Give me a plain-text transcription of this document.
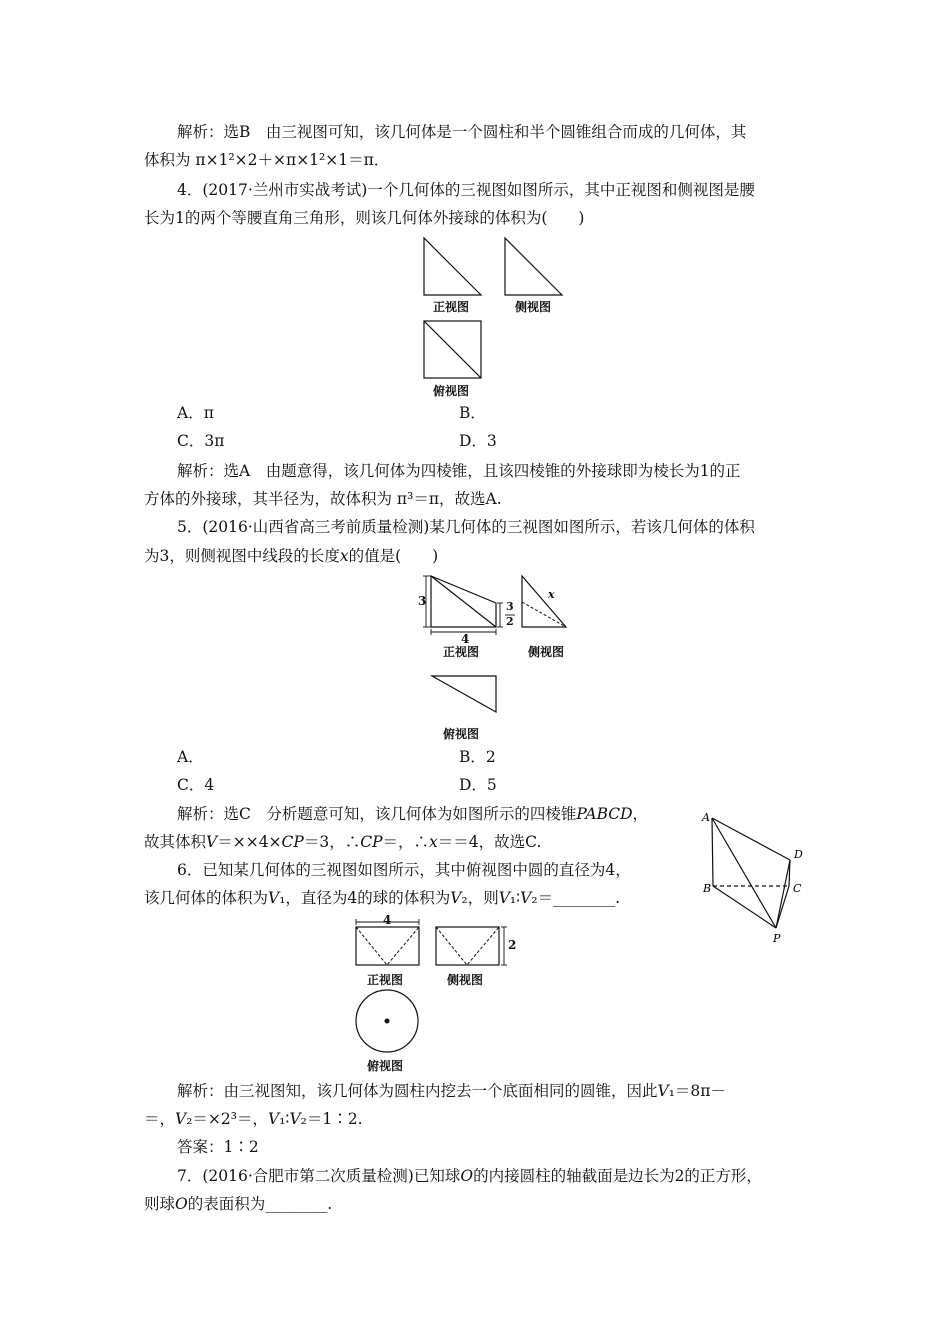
解析：选B　由三视图可知，该几何体是一个圆柱和半个圆锥组合而成的几何体，其
体积为 π×1²×2＋×π×1²×1＝π．
4．(2017·兰州市实战考试)一个几何体的三视图如图所示，其中正视图和侧视图是腰
长为1的两个等腰直角三角形，则该几何体外接球的体积为(　　)
正视图	侧视图
俯视图
A．π	B．
C．3π	D．3
解析：选A　由题意得，该几何体为四棱锥，且该四棱锥的外接球即为棱长为1的正
方体的外接球，其半径为，故体积为 π³＝π，故选A.
5．(2016·山西省高三考前质量检测)某几何体的三视图如图所示，若该几何体的体积
为3，则侧视图中线段的长度x的值是(　　)
3
4
3
2
x
正视图	侧视图
俯视图
A．	B．2
C．4	D．5
解析：选C　分析题意可知，该几何体为如图所示的四棱锥PABCD，
故其体积V＝××4×CP＝3，∴CP＝，∴x＝＝4，故选C.
6．已知某几何体的三视图如图所示，其中俯视图中圆的直径为4，
该几何体的体积为V₁，直径为4的球的体积为V₂，则V₁∶V₂＝________.
A
D
B	C
P
4
2
正视图	侧视图
俯视图
解析：由三视图知，该几何体为圆柱内挖去一个底面相同的圆锥，因此V₁＝8π－
＝，V₂＝×2³＝，V₁∶V₂＝1∶2.
答案：1∶2
7．(2016·合肥市第二次质量检测)已知球O的内接圆柱的轴截面是边长为2的正方形，
则球O的表面积为________.
